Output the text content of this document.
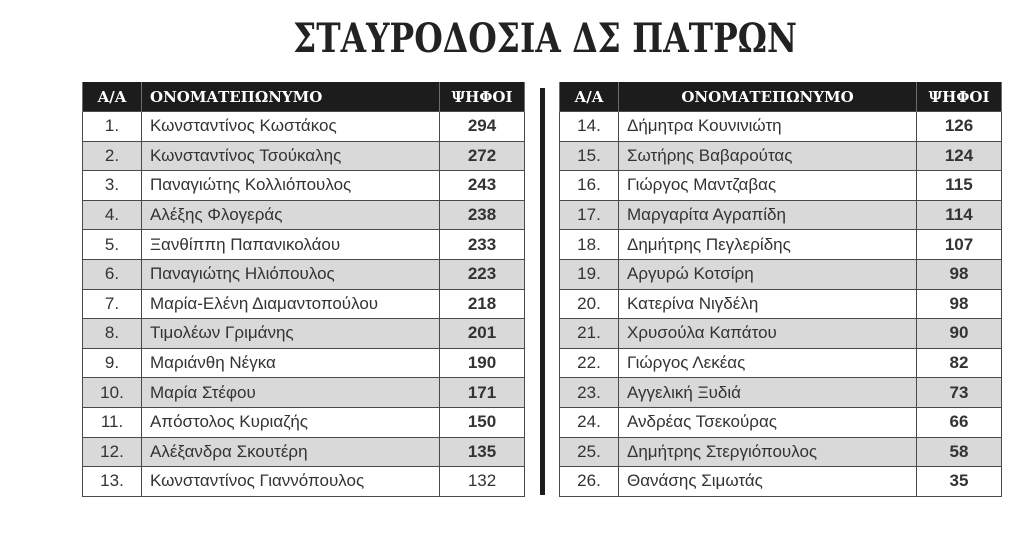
ΣΤΑΥΡΟΔΟΣΙΑ ΔΣ ΠΑΤΡΩΝ
Α/Α	ΟΝΟΜΑΤΕΠΩΝΥΜΟ	ΨΗΦΟΙ
1.	Κωνσταντίνος Κωστάκος	294
2.	Κωνσταντίνος Τσούκαλης	272
3.	Παναγιώτης Κολλιόπουλος	243
4.	Αλέξης Φλογεράς	238
5.	Ξανθίππη Παπανικολάου	233
6.	Παναγιώτης Ηλιόπουλος	223
7.	Μαρία-Ελένη Διαμαντοπούλου	218
8.	Τιμολέων Γριμάνης	201
9.	Μαριάνθη Νέγκα	190
10.	Μαρία Στέφου	171
11.	Απόστολος Κυριαζής	150
12.	Αλέξανδρα Σκουτέρη	135
13.	Κωνσταντίνος Γιαννόπουλος	132
Α/Α	ΟΝΟΜΑΤΕΠΩΝΥΜΟ	ΨΗΦΟΙ
14.	Δήμητρα Κουνινιώτη	126
15.	Σωτήρης Βαβαρούτας	124
16.	Γιώργος Μαντζαβας	115
17.	Μαργαρίτα Αγραπίδη	114
18.	Δημήτρης Πεγλερίδης	107
19.	Αργυρώ Κοτσίρη	98
20.	Κατερίνα Νιγδέλη	98
21.	Χρυσούλα Καπάτου	90
22.	Γιώργος Λεκέας	82
23.	Αγγελική Ξυδιά	73
24.	Ανδρέας Τσεκούρας	66
25.	Δημήτρης Στεργιόπουλος	58
26.	Θανάσης Σιμωτάς	35
